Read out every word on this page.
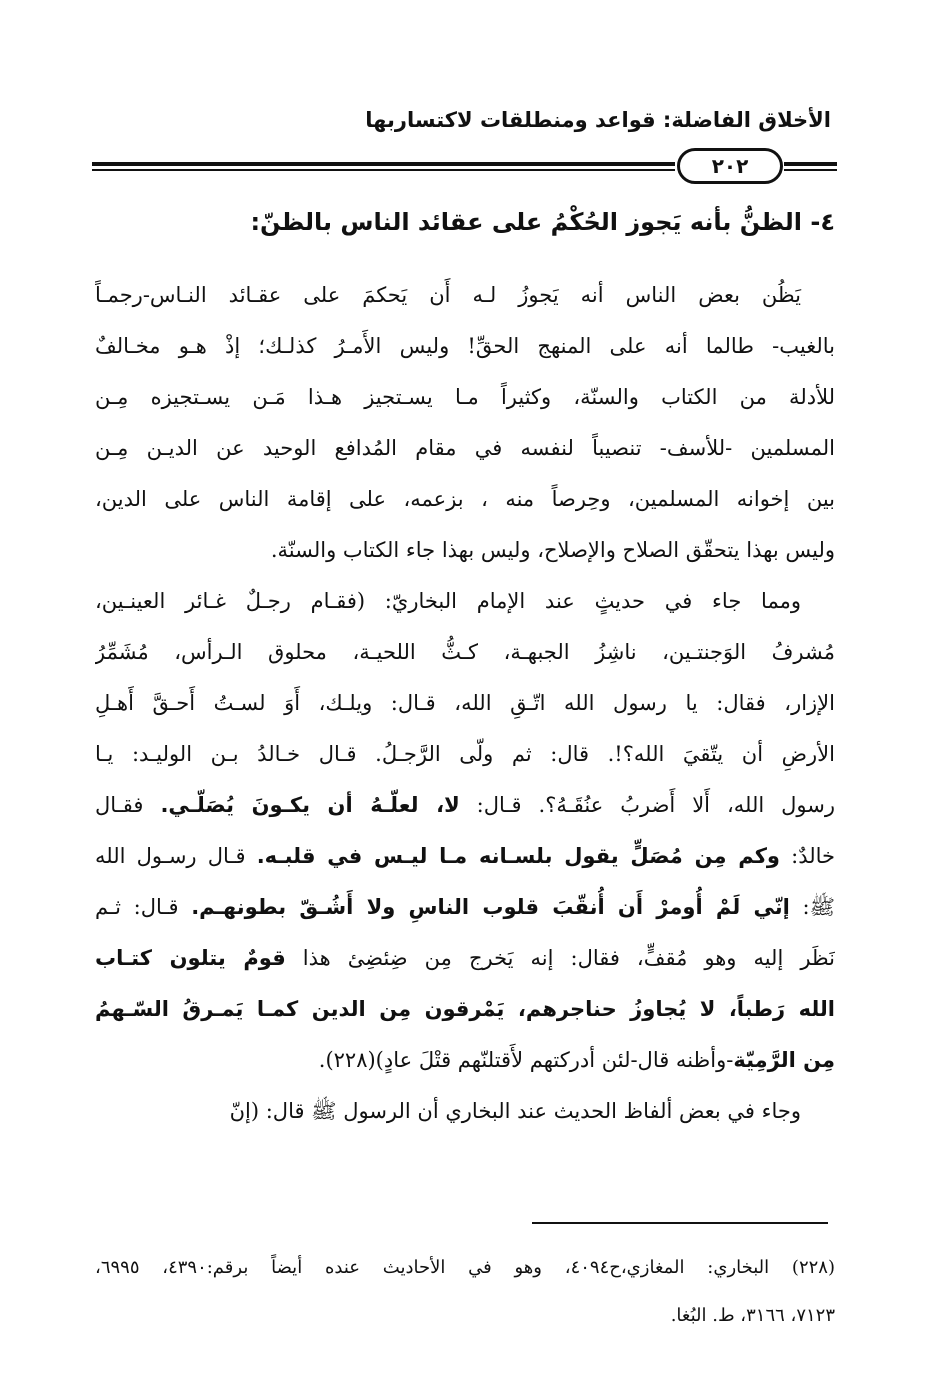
الأخلاق الفاضلة: قواعد ومنطلقات لاكتساربها
٢٠٢
٤- الظنُّ بأنه يَجوز الحُكْمُ على عقائد الناس بالظنّ:
يَظُن بعض الناس أنه يَجوزُ لـه أَن يَحكمَ على عقـائد النـاس-رجمـاً
بالغيب- طالما أنه على المنهج الحقِّ! وليس الأَمـرُ كذلـك؛ إذْ هـو مخـالفٌ
للأدلة من الكتاب والسنّة، وكثيراً مـا يسـتجيز هـذا مَـن يسـتجيزه مِـن
المسلمين -للأسف- تنصيباً لنفسه في مقام المُدافع الوحيد عن الديـن مِـن
بين إخوانه المسلمين، وحِرصاً منه ، بزعمه، على إقامة الناس على الدين،
وليس بهذا يتحقّق الصلاح والإصلاح، وليس بهذا جاء الكتاب والسنّة.
ومما جاء في حديثٍ عند الإمام البخاريّ: (فقـام رجـلٌ غـائر العينـين،
مُشرفُ الوَجنتـين، ناشِزُ الجبهـة، كـثُّ اللحيـة، محلوق الـرأس، مُشَمِّرُ
الإزار، فقال: يا رسول الله اتّـقِ الله، قـال: ويلـك، أَوَ لسـتُ أَحـقَّ أَهـلِ
الأرضِ أن يتّقيَ الله؟!. قال: ثم ولّى الرَّجـلُ. قـال خـالدُ بـن الوليـد: يـا
رسول الله، أَلا أَضربُ عنُقَـهُ؟. قـال: لا، لعلّـهُ أن يكـونَ يُصَلّـي. فقـال
خالدٌ: وكم مِن مُصَلٍّ يقول بلسـانه مـا ليـس في قلبـه. قـال رسـول الله
ﷺ: إنّي لَمْ أُومرْ أَن أُنقّبَ قلوب الناسِ ولا أَشُـقّ بطونهـم. قـال: ثـم
نَظَر إليه وهو مُقفٍّ، فقال: إنه يَخرج مِن ضِئضِئ هذا قومٌ يتلون كتـاب
الله رَطباً، لا يُجاوزُ حناجرهم، يَمْرقون مِن الدين كمـا يَمـرقُ السّـهمُ
مِن الرَّمِيّة-وأظنه قال-لئن أدركتهم لأَقتلنّهم قتْلَ عادٍ)(٢٢٨).
وجاء في بعض ألفاظ الحديث عند البخاري أن الرسول ﷺ قال: (إنّ
(٢٢٨) البخاري: المغازي،ح٤٠٩٤، وهو في الأحاديث عنده أيضاً برقم:٤٣٩٠، ٦٩٩٥،
٧١٢٣، ٣١٦٦، ط. البُغا.
